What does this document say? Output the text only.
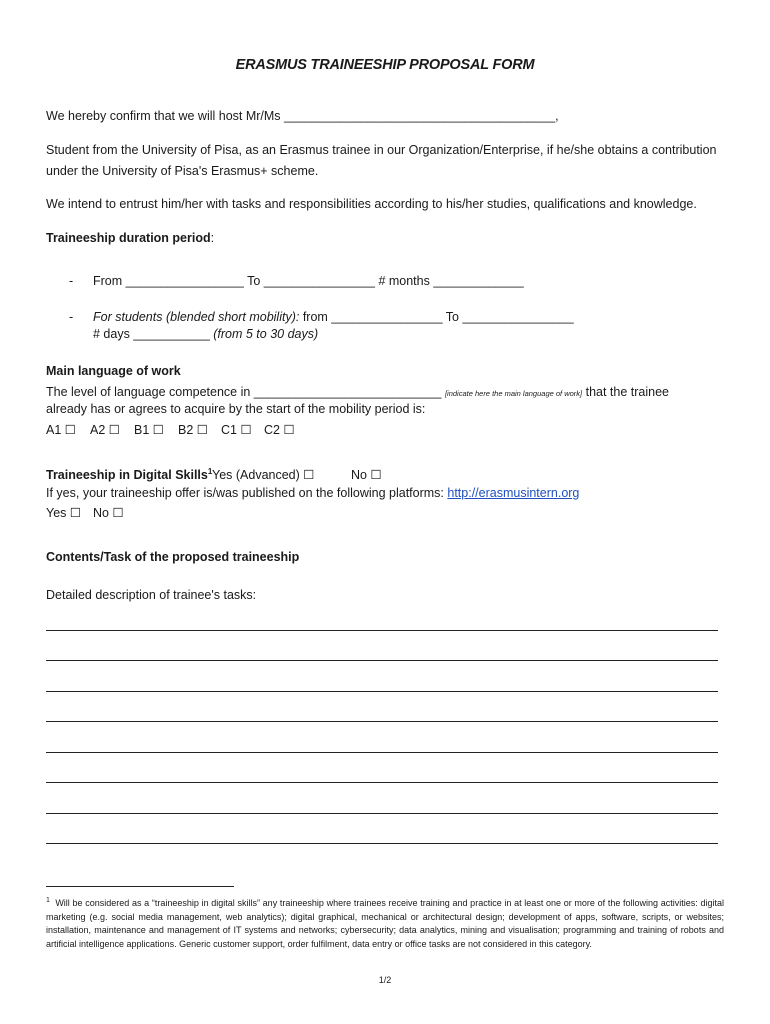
ERASMUS TRAINEESHIP PROPOSAL FORM
We hereby confirm that we will host Mr/Ms _______________________________________,
Student from the University of Pisa, as an Erasmus trainee in our Organization/Enterprise, if he/she obtains a contribution
under the University of Pisa's Erasmus+ scheme.
We intend to entrust him/her with tasks and responsibilities according to his/her studies, qualifications and knowledge.
Traineeship duration period:
- From _________________ To ________________ # months _____________
- For students (blended short mobility): from ________________ To ________________
# days ___________ (from 5 to 30 days)
Main language of work
The level of language competence in ___________________________ [indicate here the main language of work] that the trainee
already has or agrees to acquire by the start of the mobility period is:
A1 ☐ A2 ☐ B1 ☐ B2 ☐ C1 ☐ C2 ☐
Traineeship in Digital Skills$^1$ Yes (Advanced) ☐	No ☐
If yes, your traineeship offer is/was published on the following platforms: http://erasmusintern.org
Yes ☐ No ☐
Contents/Task of the proposed traineeship
Detailed description of trainee's tasks:
$^1$ Will be considered as a “traineeship in digital skills” any traineeship where trainees receive training and practice in at least one or more of the following activities: digital marketing (e.g. social media management, web analytics); digital graphical, mechanical or architectural design; development of apps, software, scripts, or websites; installation, maintenance and management of IT systems and networks; cybersecurity; data analytics, mining and visualisation; programming and training of robots and artificial intelligence applications. Generic customer support, order fulfilment, data entry or office tasks are not considered in this category.
1/2
